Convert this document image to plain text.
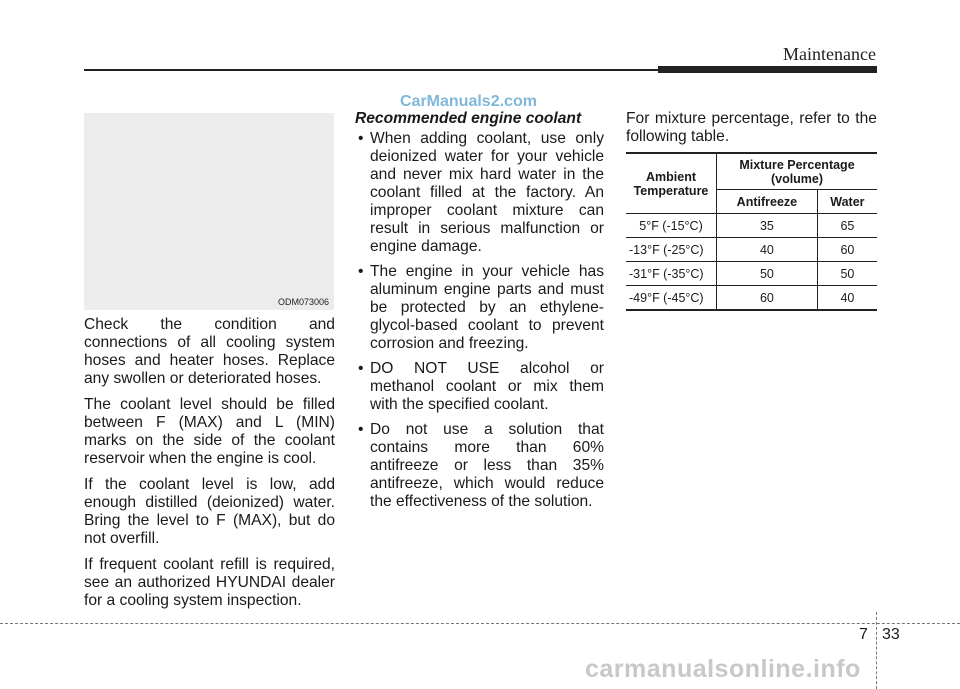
Maintenance
CarManuals2.com
ODM073006

Check the condition and connections of all cooling system hoses and heater hoses. Replace any swollen or deteriorated hoses.

The coolant level should be filled between F (MAX) and L (MIN) marks on the side of the coolant reservoir when the engine is cool.

If the coolant level is low, add enough distilled (deionized) water. Bring the level to F (MAX), but do not overfill.

If frequent coolant refill is required, see an authorized HYUNDAI dealer for a cooling system inspection.

Recommended engine coolant
• When adding coolant, use only deionized water for your vehicle and never mix hard water in the coolant filled at the factory. An improper coolant mixture can result in serious malfunction or engine damage.
• The engine in your vehicle has aluminum engine parts and must be protected by an ethylene-glycol-based coolant to prevent corrosion and freezing.
• DO NOT USE alcohol or methanol coolant or mix them with the specified coolant.
• Do not use a solution that contains more than 60% antifreeze or less than 35% antifreeze, which would reduce the effectiveness of the solution.

For mixture percentage, refer to the following table.

Ambient Temperature	Mixture Percentage (volume)	
	Antifreeze	Water
5°F (-15°C)	35	65
-13°F (-25°C)	40	60
-31°F (-35°C)	50	50
-49°F (-45°C)	60	40
7 33
carmanualsonline.info
